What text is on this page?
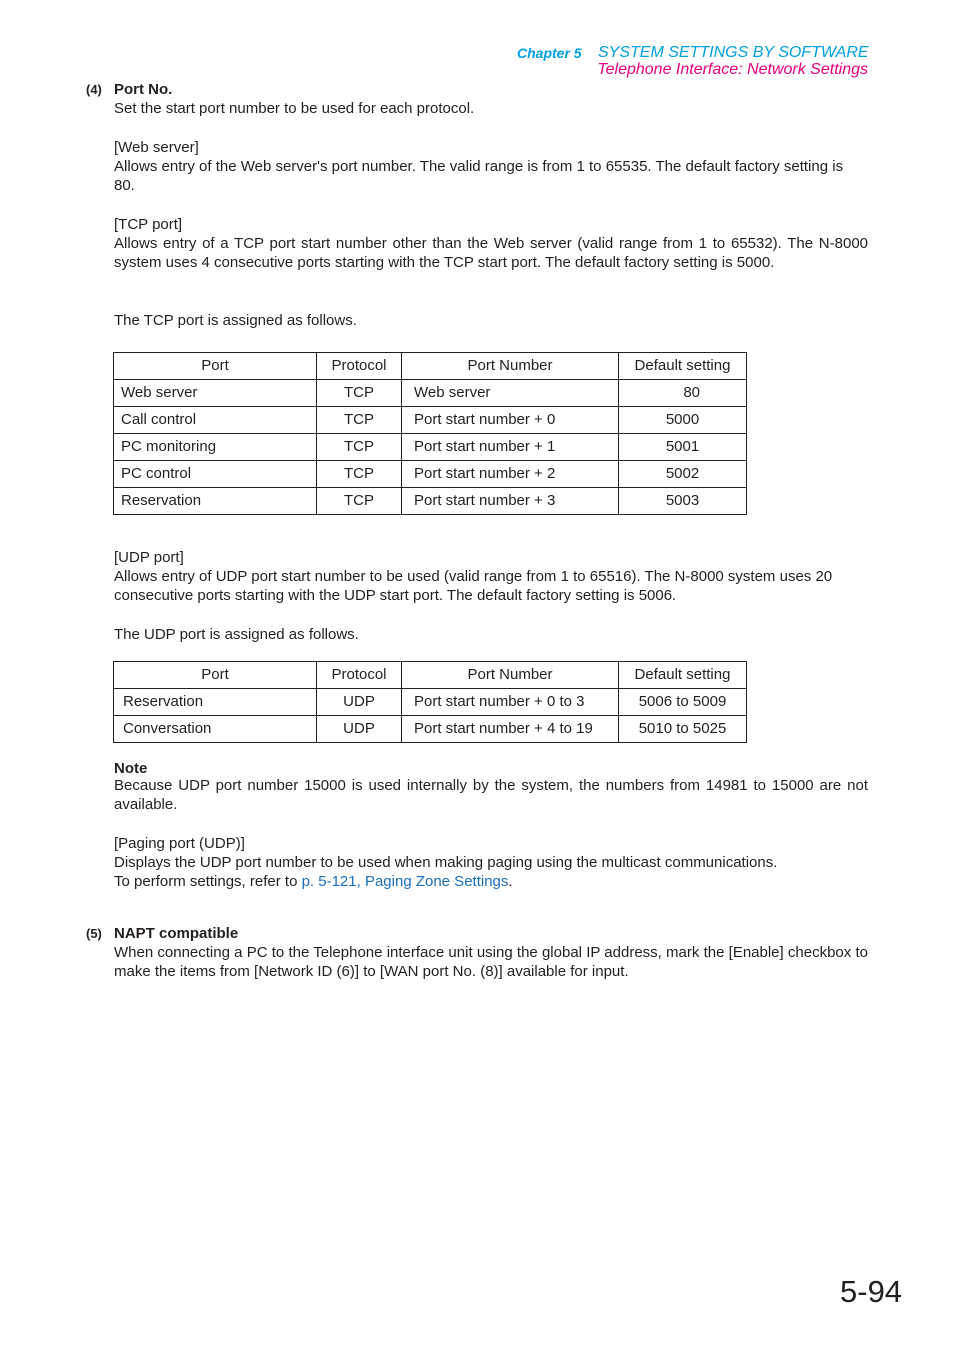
Chapter 5 SYSTEM SETTINGS BY SOFTWARE
Telephone Interface: Network Settings
(4) Port No.
Set the start port number to be used for each protocol.
[Web server]
Allows entry of the Web server's port number. The valid range is from 1 to 65535. The default factory setting is 80.
[TCP port]
Allows entry of a TCP port start number other than the Web server (valid range from 1 to 65532). The N-8000 system uses 4 consecutive ports starting with the TCP start port. The default factory setting is 5000.
The TCP port is assigned as follows.
Port	Protocol	Port Number	Default setting
Web server	TCP	Web server	80
Call control	TCP	Port start number + 0	5000
PC monitoring	TCP	Port start number + 1	5001
PC control	TCP	Port start number + 2	5002
Reservation	TCP	Port start number + 3	5003
[UDP port]
Allows entry of UDP port start number to be used (valid range from 1 to 65516). The N-8000 system uses 20 consecutive ports starting with the UDP start port. The default factory setting is 5006.
The UDP port is assigned as follows.
Port	Protocol	Port Number	Default setting
Reservation	UDP	Port start number + 0 to 3	5006 to 5009
Conversation	UDP	Port start number + 4 to 19	5010 to 5025
Note
Because UDP port number 15000 is used internally by the system, the numbers from 14981 to 15000 are not available.
[Paging port (UDP)]
Displays the UDP port number to be used when making paging using the multicast communications.
To perform settings, refer to p. 5-121, Paging Zone Settings.
(5) NAPT compatible
When connecting a PC to the Telephone interface unit using the global IP address, mark the [Enable] checkbox to make the items from [Network ID (6)] to [WAN port No. (8)] available for input.
5-94
